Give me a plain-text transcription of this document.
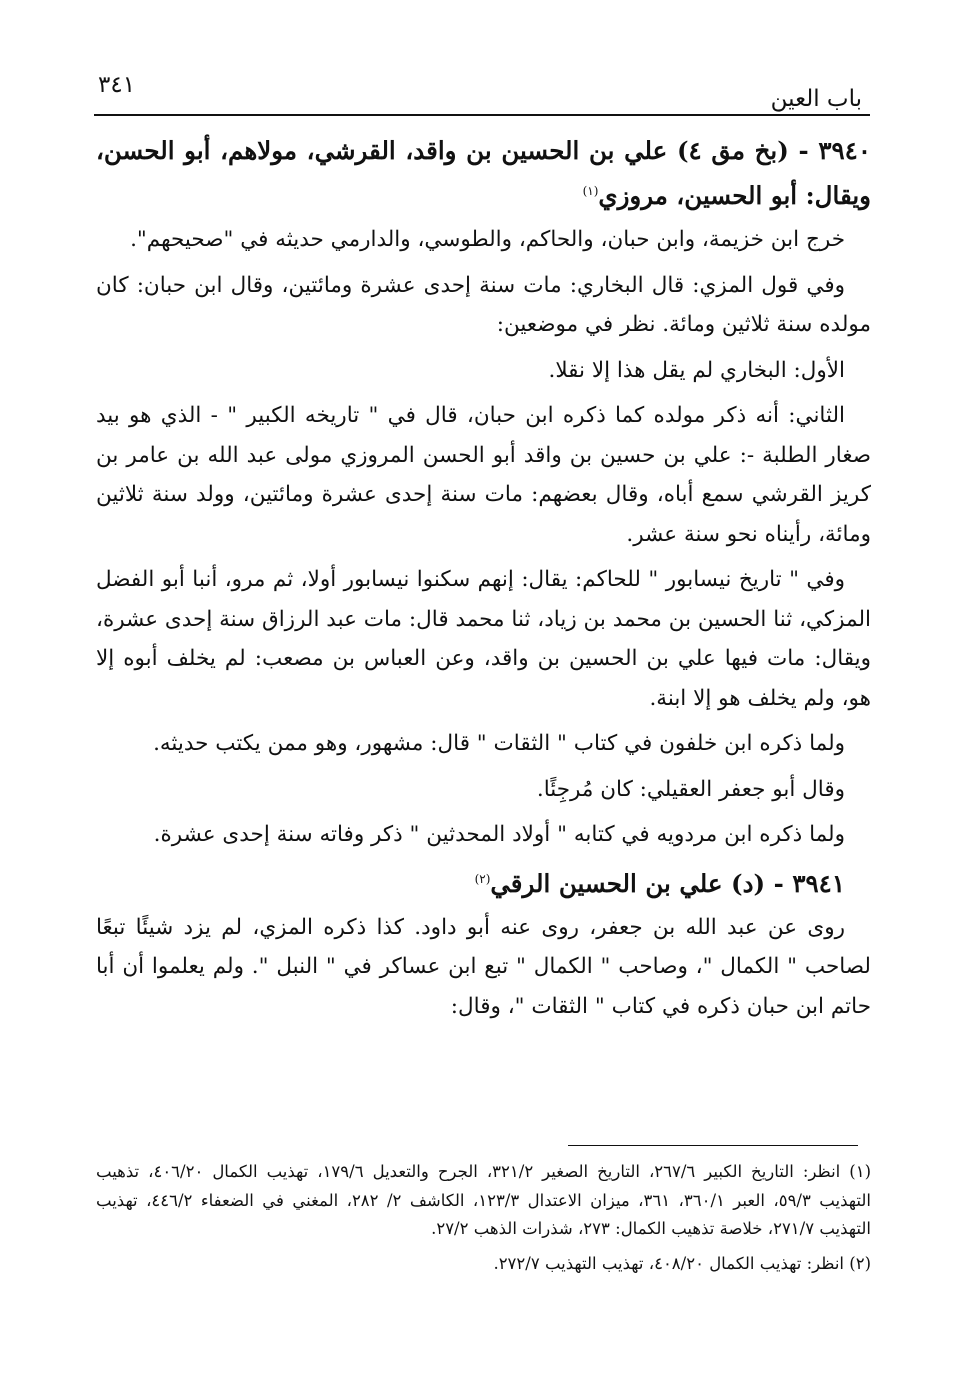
باب العين
٣٤١

٣٩٤٠ - (بخ مق ٤) علي بن الحسين بن واقد، القرشي، مولاهم، أبو الحسن، ويقال: أبو الحسين، مروزي$^{(١)}$

خرج ابن خزيمة، وابن حبان، والحاكم، والطوسي، والدارمي حديثه في "صحيحهم".

وفي قول المزي: قال البخاري: مات سنة إحدى عشرة ومائتين، وقال ابن حبان: كان مولده سنة ثلاثين ومائة. نظر في موضعين:

الأول: البخاري لم يقل هذا إلا نقلا.

الثاني: أنه ذكر مولده كما ذكره ابن حبان، قال في " تاريخه الكبير " - الذي هو بيد صغار الطلبة -: علي بن حسين بن واقد أبو الحسن المروزي مولى عبد الله بن عامر بن كريز القرشي سمع أباه، وقال بعضهم: مات سنة إحدى عشرة ومائتين، وولد سنة ثلاثين ومائة، رأيناه نحو سنة عشر.

وفي " تاريخ نيسابور " للحاكم: يقال: إنهم سكنوا نيسابور أولا، ثم مرو، أنبا أبو الفضل المزكي، ثنا الحسين بن محمد بن زياد، ثنا محمد قال: مات عبد الرزاق سنة إحدى عشرة، ويقال: مات فيها علي بن الحسين بن واقد، وعن العباس بن مصعب: لم يخلف أبوه إلا هو، ولم يخلف هو إلا ابنة.

ولما ذكره ابن خلفون في كتاب " الثقات " قال: مشهور، وهو ممن يكتب حديثه.

وقال أبو جعفر العقيلي: كان مُرجِئًا.

ولما ذكره ابن مردويه في كتابه " أولاد المحدثين " ذكر وفاته سنة إحدى عشرة.

٣٩٤١ - (د) علي بن الحسين الرقي$^{(٢)}$

روى عن عبد الله بن جعفر، روى عنه أبو داود. كذا ذكره المزي، لم يزد شيئًا تبعًا لصاحب " الكمال "، وصاحب " الكمال " تبع ابن عساكر في " النبل ". ولم يعلموا أن أبا حاتم ابن حبان ذكره في كتاب " الثقات "، وقال:

(١) انظر: التاريخ الكبير ٢٦٧/٦، التاريخ الصغير ٣٢١/٢، الجرح والتعديل ١٧٩/٦، تهذيب الكمال ٤٠٦/٢٠، تذهيب التهذيب ٥٩/٣، العبر ٣٦٠/١، ٣٦١، ميزان الاعتدال ١٢٣/٣، الكاشف ٢/ ٢٨٢، المغني في الضعفاء ٤٤٦/٢، تهذيب التهذيب ٢٧١/٧، خلاصة تذهيب الكمال: ٢٧٣، شذرات الذهب ٢٧/٢.

(٢) انظر: تهذيب الكمال ٤٠٨/٢٠، تهذيب التهذيب ٢٧٢/٧.
